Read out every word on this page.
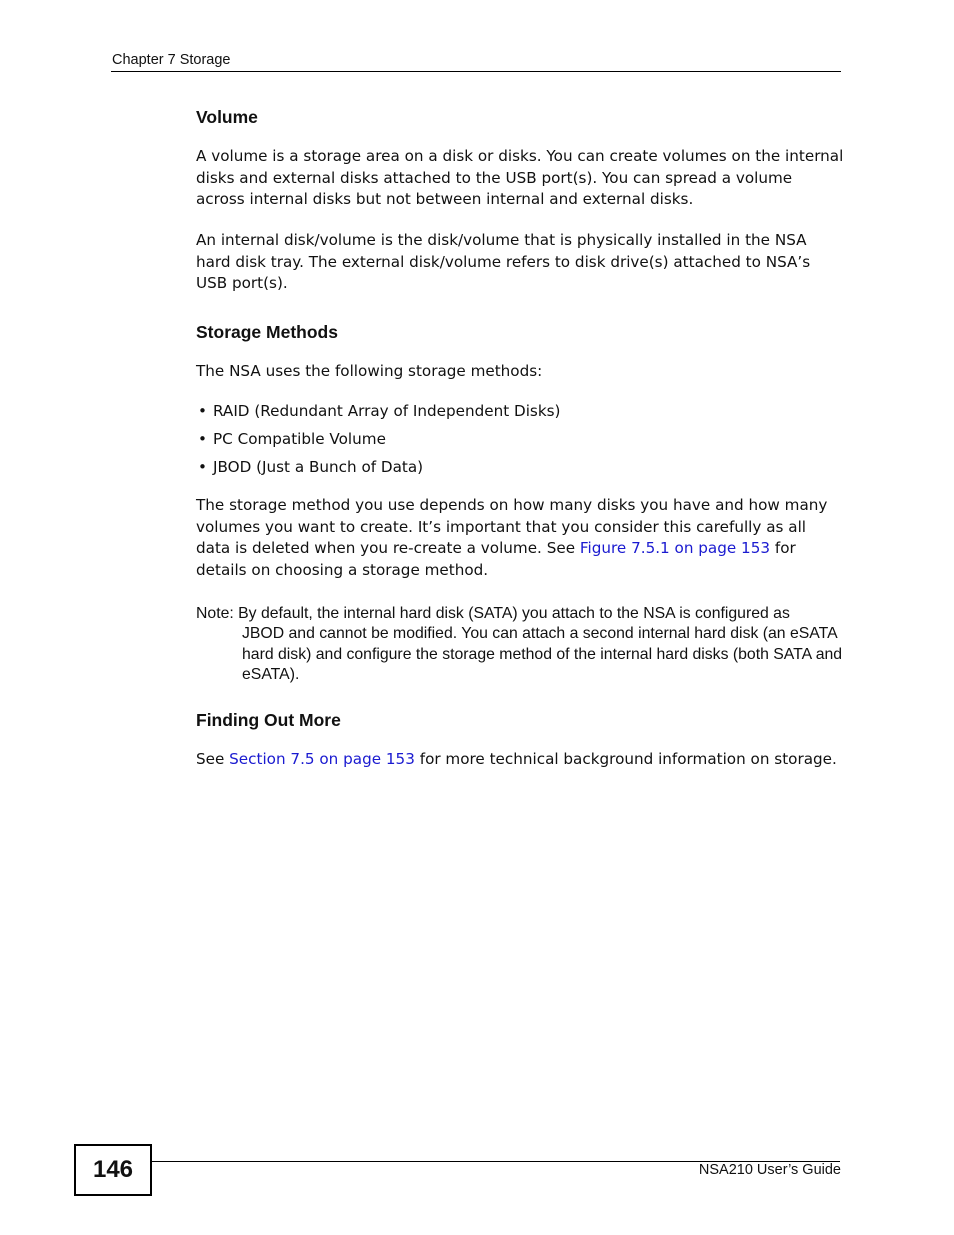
Chapter 7 Storage
Volume
A volume is a storage area on a disk or disks. You can create volumes on the internal disks and external disks attached to the USB port(s). You can spread a volume across internal disks but not between internal and external disks.
An internal disk/volume is the disk/volume that is physically installed in the NSA hard disk tray. The external disk/volume refers to disk drive(s) attached to NSA’s USB port(s).
Storage Methods
The NSA uses the following storage methods:
• RAID (Redundant Array of Independent Disks)
• PC Compatible Volume
• JBOD (Just a Bunch of Data)
The storage method you use depends on how many disks you have and how many volumes you want to create. It’s important that you consider this carefully as all data is deleted when you re-create a volume. See Figure 7.5.1 on page 153 for details on choosing a storage method.
Note: By default, the internal hard disk (SATA) you attach to the NSA is configured as
JBOD and cannot be modified. You can attach a second internal hard disk (an eSATA hard disk) and configure the storage method of the internal hard disks (both SATA and eSATA).
Finding Out More
See Section 7.5 on page 153 for more technical background information on storage.
146	NSA210 User’s Guide
